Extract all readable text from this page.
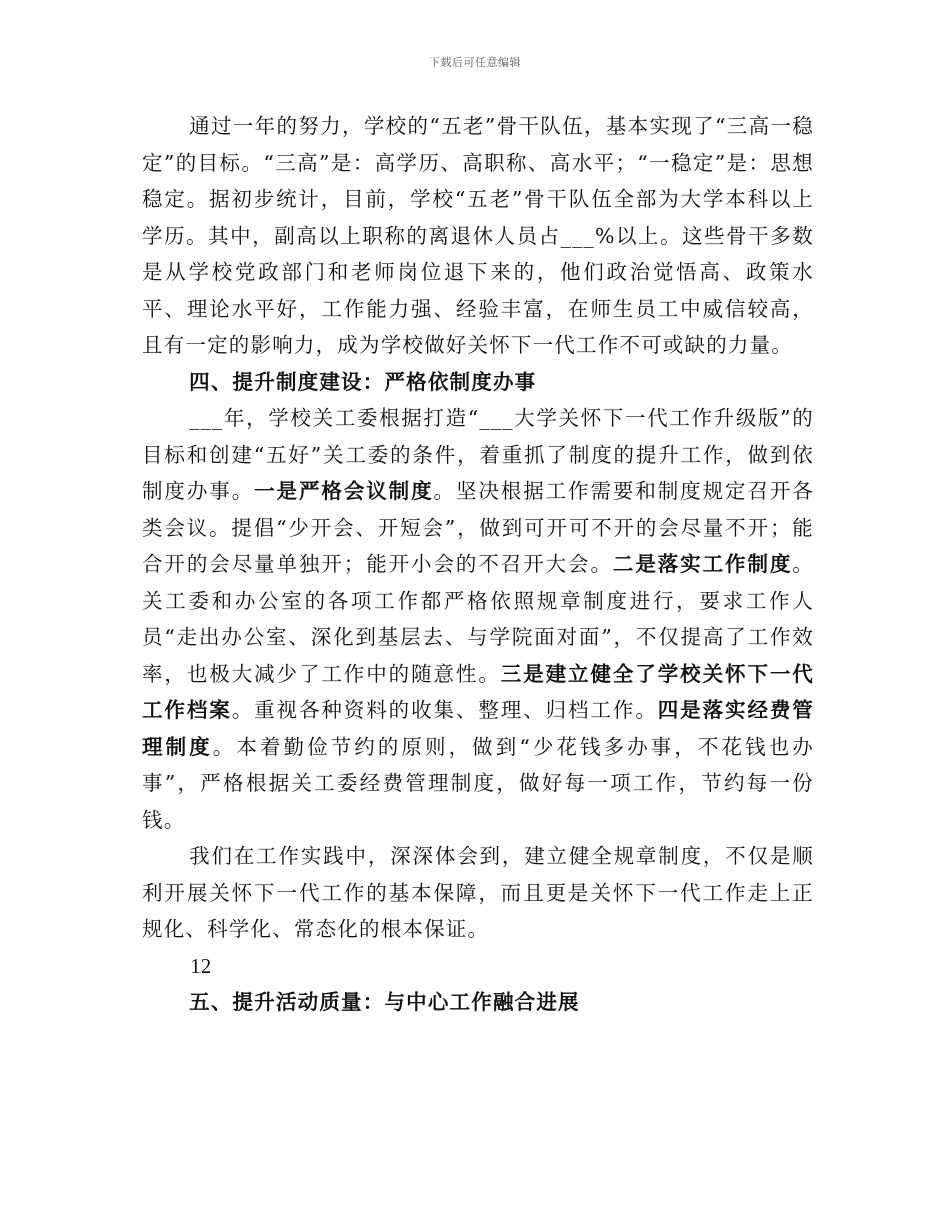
下载后可任意编辑

通过一年的努力，学校的“五老”骨干队伍，基本实现了“三高一稳定”的目标。“三高”是：高学历、高职称、高水平；“一稳定”是：思想稳定。据初步统计，目前，学校“五老”骨干队伍全部为大学本科以上学历。其中，副高以上职称的离退休人员占___%以上。这些骨干多数是从学校党政部门和老师岗位退下来的，他们政治觉悟高、政策水平、理论水平好，工作能力强、经验丰富，在师生员工中威信较高，且有一定的影响力，成为学校做好关怀下一代工作不可或缺的力量。

四、提升制度建设：严格依制度办事

___年，学校关工委根据打造“___大学关怀下一代工作升级版”的目标和创建“五好”关工委的条件，着重抓了制度的提升工作，做到依制度办事。一是严格会议制度。坚决根据工作需要和制度规定召开各类会议。提倡“少开会、开短会”，做到可开可不开的会尽量不开；能合开的会尽量单独开；能开小会的不召开大会。二是落实工作制度。关工委和办公室的各项工作都严格依照规章制度进行，要求工作人员“走出办公室、深化到基层去、与学院面对面”，不仅提高了工作效率，也极大减少了工作中的随意性。三是建立健全了学校关怀下一代工作档案。重视各种资料的收集、整理、归档工作。四是落实经费管理制度。本着勤俭节约的原则，做到“少花钱多办事，不花钱也办事”，严格根据关工委经费管理制度，做好每一项工作，节约每一份钱。

我们在工作实践中，深深体会到，建立健全规章制度，不仅是顺利开展关怀下一代工作的基本保障，而且更是关怀下一代工作走上正规化、科学化、常态化的根本保证。

12

五、提升活动质量：与中心工作融合进展
